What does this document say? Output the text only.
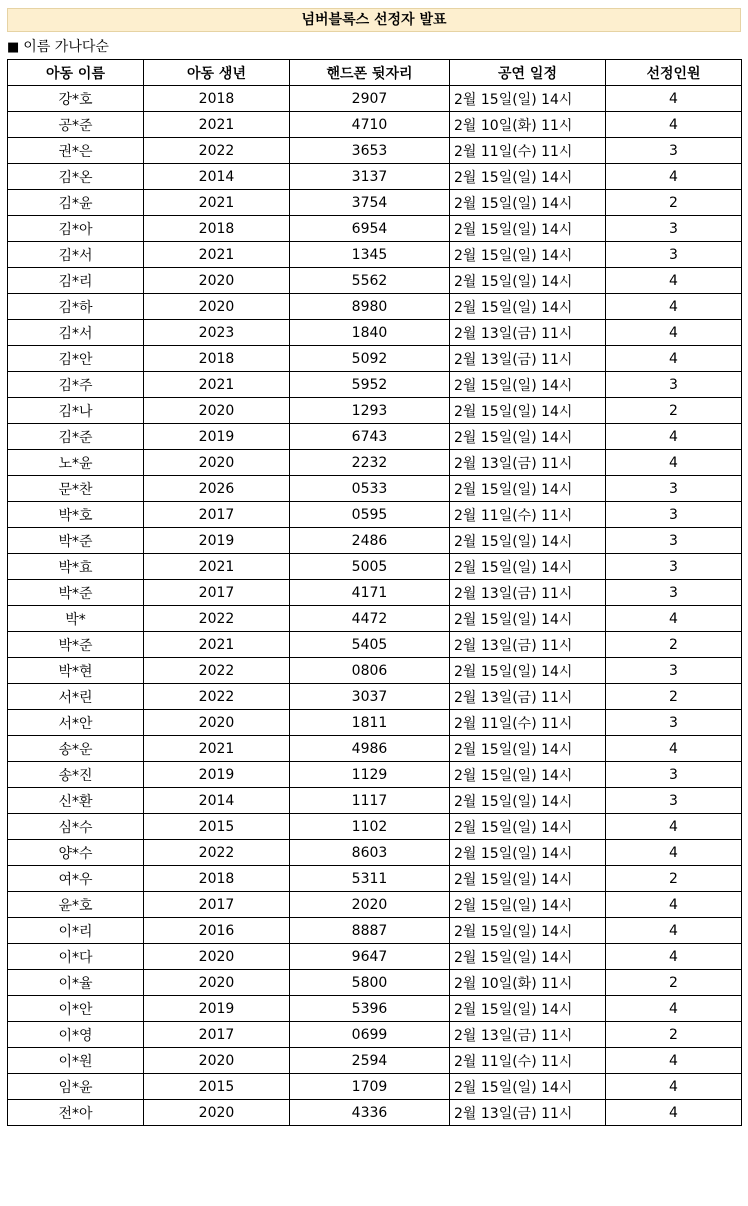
넘버블록스 선정자 발표
■ 이름 가나다순
아동 이름	아동 생년	핸드폰 뒷자리	공연 일정	선정인원
강*호	2018	2907	2월 15일(일) 14시	4
공*준	2021	4710	2월 10일(화) 11시	4
권*은	2022	3653	2월 11일(수) 11시	3
김*온	2014	3137	2월 15일(일) 14시	4
김*윤	2021	3754	2월 15일(일) 14시	2
김*아	2018	6954	2월 15일(일) 14시	3
김*서	2021	1345	2월 15일(일) 14시	3
김*리	2020	5562	2월 15일(일) 14시	4
김*하	2020	8980	2월 15일(일) 14시	4
김*서	2023	1840	2월 13일(금) 11시	4
김*안	2018	5092	2월 13일(금) 11시	4
김*주	2021	5952	2월 15일(일) 14시	3
김*나	2020	1293	2월 15일(일) 14시	2
김*준	2019	6743	2월 15일(일) 14시	4
노*윤	2020	2232	2월 13일(금) 11시	4
문*찬	2026	0533	2월 15일(일) 14시	3
박*호	2017	0595	2월 11일(수) 11시	3
박*준	2019	2486	2월 15일(일) 14시	3
박*효	2021	5005	2월 15일(일) 14시	3
박*준	2017	4171	2월 13일(금) 11시	3
박*	2022	4472	2월 15일(일) 14시	4
박*준	2021	5405	2월 13일(금) 11시	2
박*현	2022	0806	2월 15일(일) 14시	3
서*린	2022	3037	2월 13일(금) 11시	2
서*안	2020	1811	2월 11일(수) 11시	3
송*운	2021	4986	2월 15일(일) 14시	4
송*진	2019	1129	2월 15일(일) 14시	3
신*환	2014	1117	2월 15일(일) 14시	3
심*수	2015	1102	2월 15일(일) 14시	4
양*수	2022	8603	2월 15일(일) 14시	4
여*우	2018	5311	2월 15일(일) 14시	2
윤*호	2017	2020	2월 15일(일) 14시	4
이*리	2016	8887	2월 15일(일) 14시	4
이*다	2020	9647	2월 15일(일) 14시	4
이*율	2020	5800	2월 10일(화) 11시	2
이*안	2019	5396	2월 15일(일) 14시	4
이*영	2017	0699	2월 13일(금) 11시	2
이*원	2020	2594	2월 11일(수) 11시	4
임*윤	2015	1709	2월 15일(일) 14시	4
전*아	2020	4336	2월 13일(금) 11시	4
